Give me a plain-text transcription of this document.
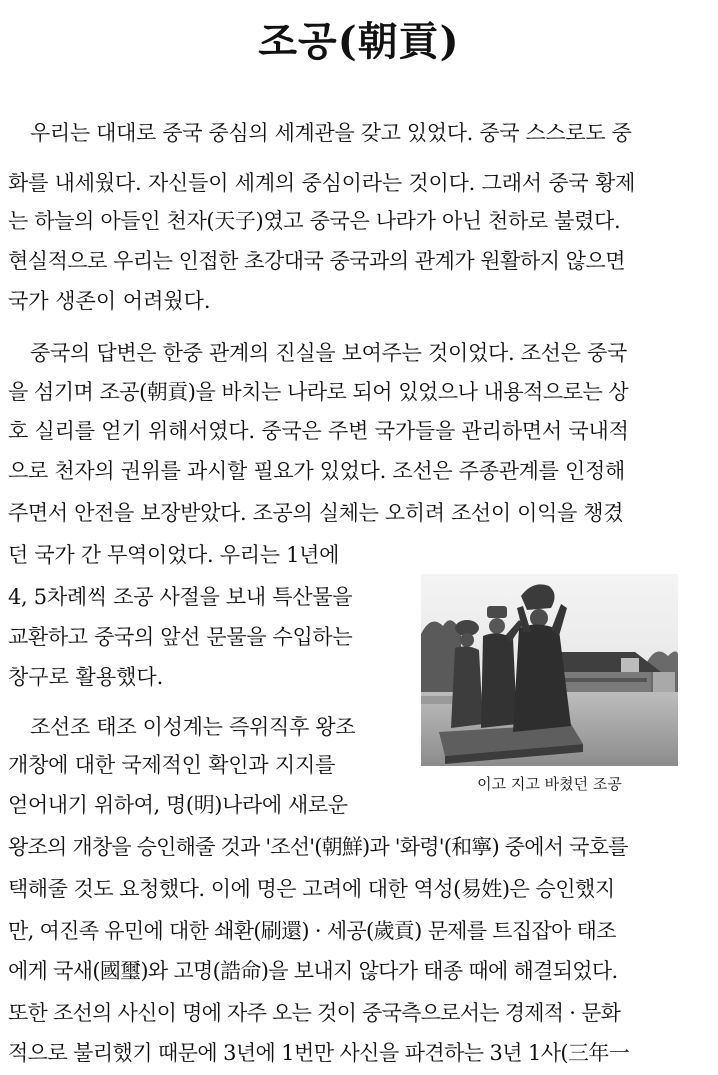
조공(朝貢)

우리는 대대로 중국 중심의 세계관을 갖고 있었다. 중국 스스로도 중

화를 내세웠다. 자신들이 세계의 중심이라는 것이다. 그래서 중국 황제

는 하늘의 아들인 천자(天子)였고 중국은 나라가 아닌 천하로 불렸다.

현실적으로 우리는 인접한 초강대국 중국과의 관계가 원활하지 않으면

국가 생존이 어려웠다.

중국의 답변은 한중 관계의 진실을 보여주는 것이었다. 조선은 중국

을 섬기며 조공(朝貢)을 바치는 나라로 되어 있었으나 내용적으로는 상

호 실리를 얻기 위해서였다. 중국은 주변 국가들을 관리하면서 국내적

으로 천자의 권위를 과시할 필요가 있었다. 조선은 주종관계를 인정해

주면서 안전을 보장받았다. 조공의 실체는 오히려 조선이 이익을 챙겼

던 국가 간 무역이었다. 우리는 1년에

4, 5차례씩 조공 사절을 보내 특산물을

교환하고 중국의 앞선 문물을 수입하는

창구로 활용했다.

조선조 태조 이성계는 즉위직후 왕조

개창에 대한 국제적인 확인과 지지를

얻어내기 위하여, 명(明)나라에 새로운

왕조의 개창을 승인해줄 것과 '조선'(朝鮮)과 '화령'(和寧) 중에서 국호를

택해줄 것도 요청했다. 이에 명은 고려에 대한 역성(易姓)은 승인했지

만, 여진족 유민에 대한 쇄환(刷還) · 세공(歲貢) 문제를 트집잡아 태조

에게 국새(國璽)와 고명(誥命)을 보내지 않다가 태종 때에 해결되었다.

또한 조선의 사신이 명에 자주 오는 것이 중국측으로서는 경제적 · 문화

적으로 불리했기 때문에 3년에 1번만 사신을 파견하는 3년 1사(三年一

이고 지고 바쳤던 조공
